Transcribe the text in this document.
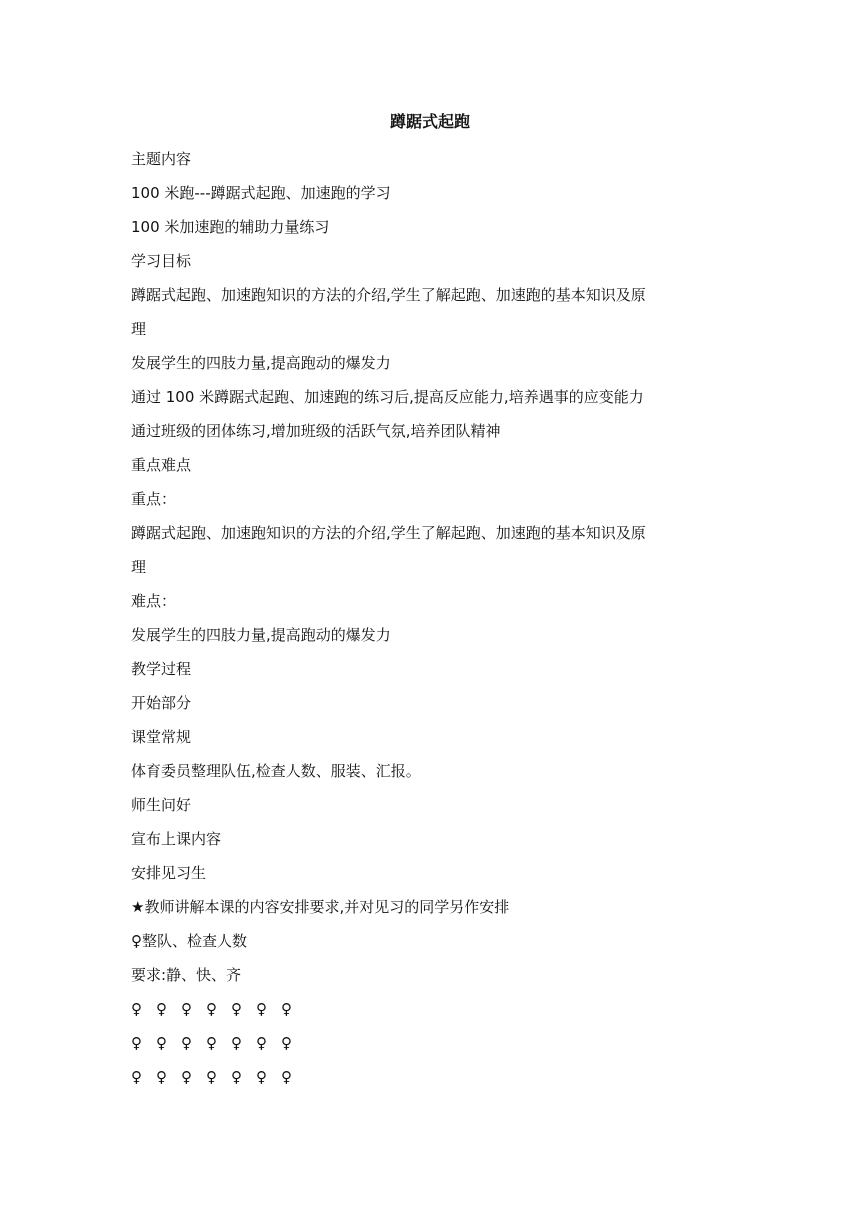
蹲踞式起跑
主题内容
100 米跑---蹲踞式起跑、加速跑的学习
100 米加速跑的辅助力量练习
学习目标
蹲踞式起跑、加速跑知识的方法的介绍,学生了解起跑、加速跑的基本知识及原
理
发展学生的四肢力量,提高跑动的爆发力
通过 100 米蹲踞式起跑、加速跑的练习后,提高反应能力,培养遇事的应变能力
通过班级的团体练习,增加班级的活跃气氛,培养团队精神
重点难点
重点：
蹲踞式起跑、加速跑知识的方法的介绍,学生了解起跑、加速跑的基本知识及原
理
难点：
发展学生的四肢力量,提高跑动的爆发力
教学过程
开始部分
课堂常规
体育委员整理队伍,检查人数、服装、汇报。
师生问好
宣布上课内容
安排见习生
★教师讲解本课的内容安排要求,并对见习的同学另作安排
♀整队、检查人数
要求:静、快、齐
♀ ♀ ♀ ♀ ♀ ♀ ♀
♀ ♀ ♀ ♀ ♀ ♀ ♀
♀ ♀ ♀ ♀ ♀ ♀ ♀
